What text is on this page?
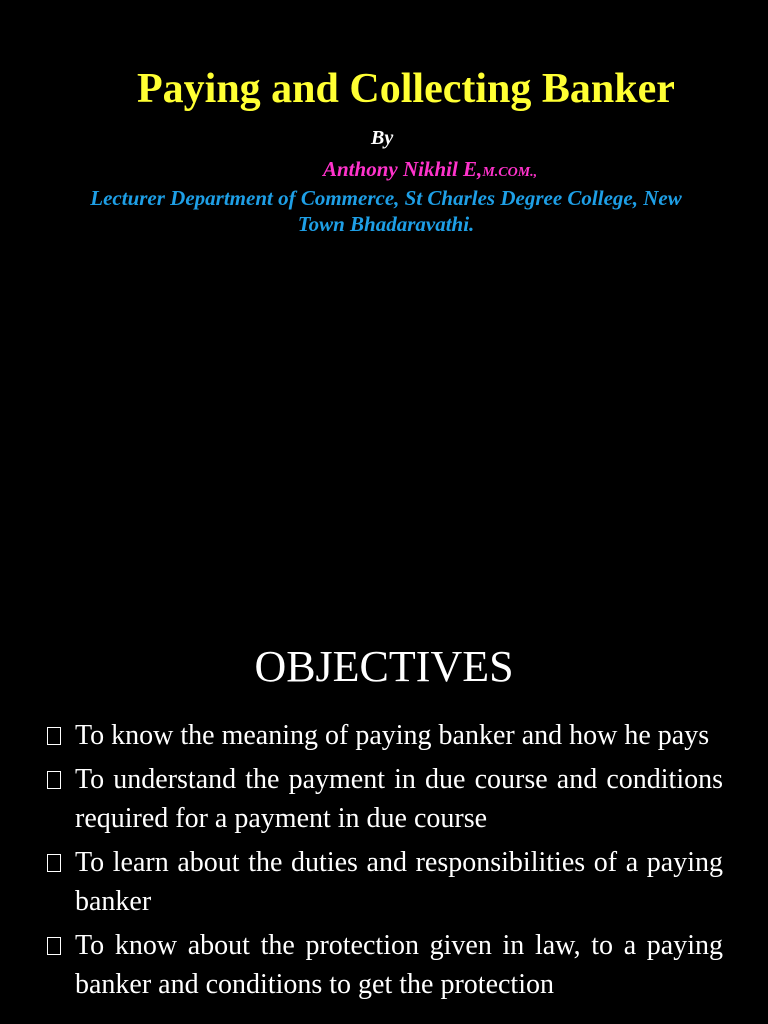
Paying and Collecting Banker
By
Anthony Nikhil E,M.COM.,
Lecturer Department of Commerce, St Charles Degree College, New Town Bhadaravathi.
OBJECTIVES
To know the meaning of paying banker and how he pays
To understand the payment in due course and conditions required for a payment in due course
To learn about the duties and responsibilities of a paying banker
To know about the protection given in law, to a paying banker and conditions to get the protection
